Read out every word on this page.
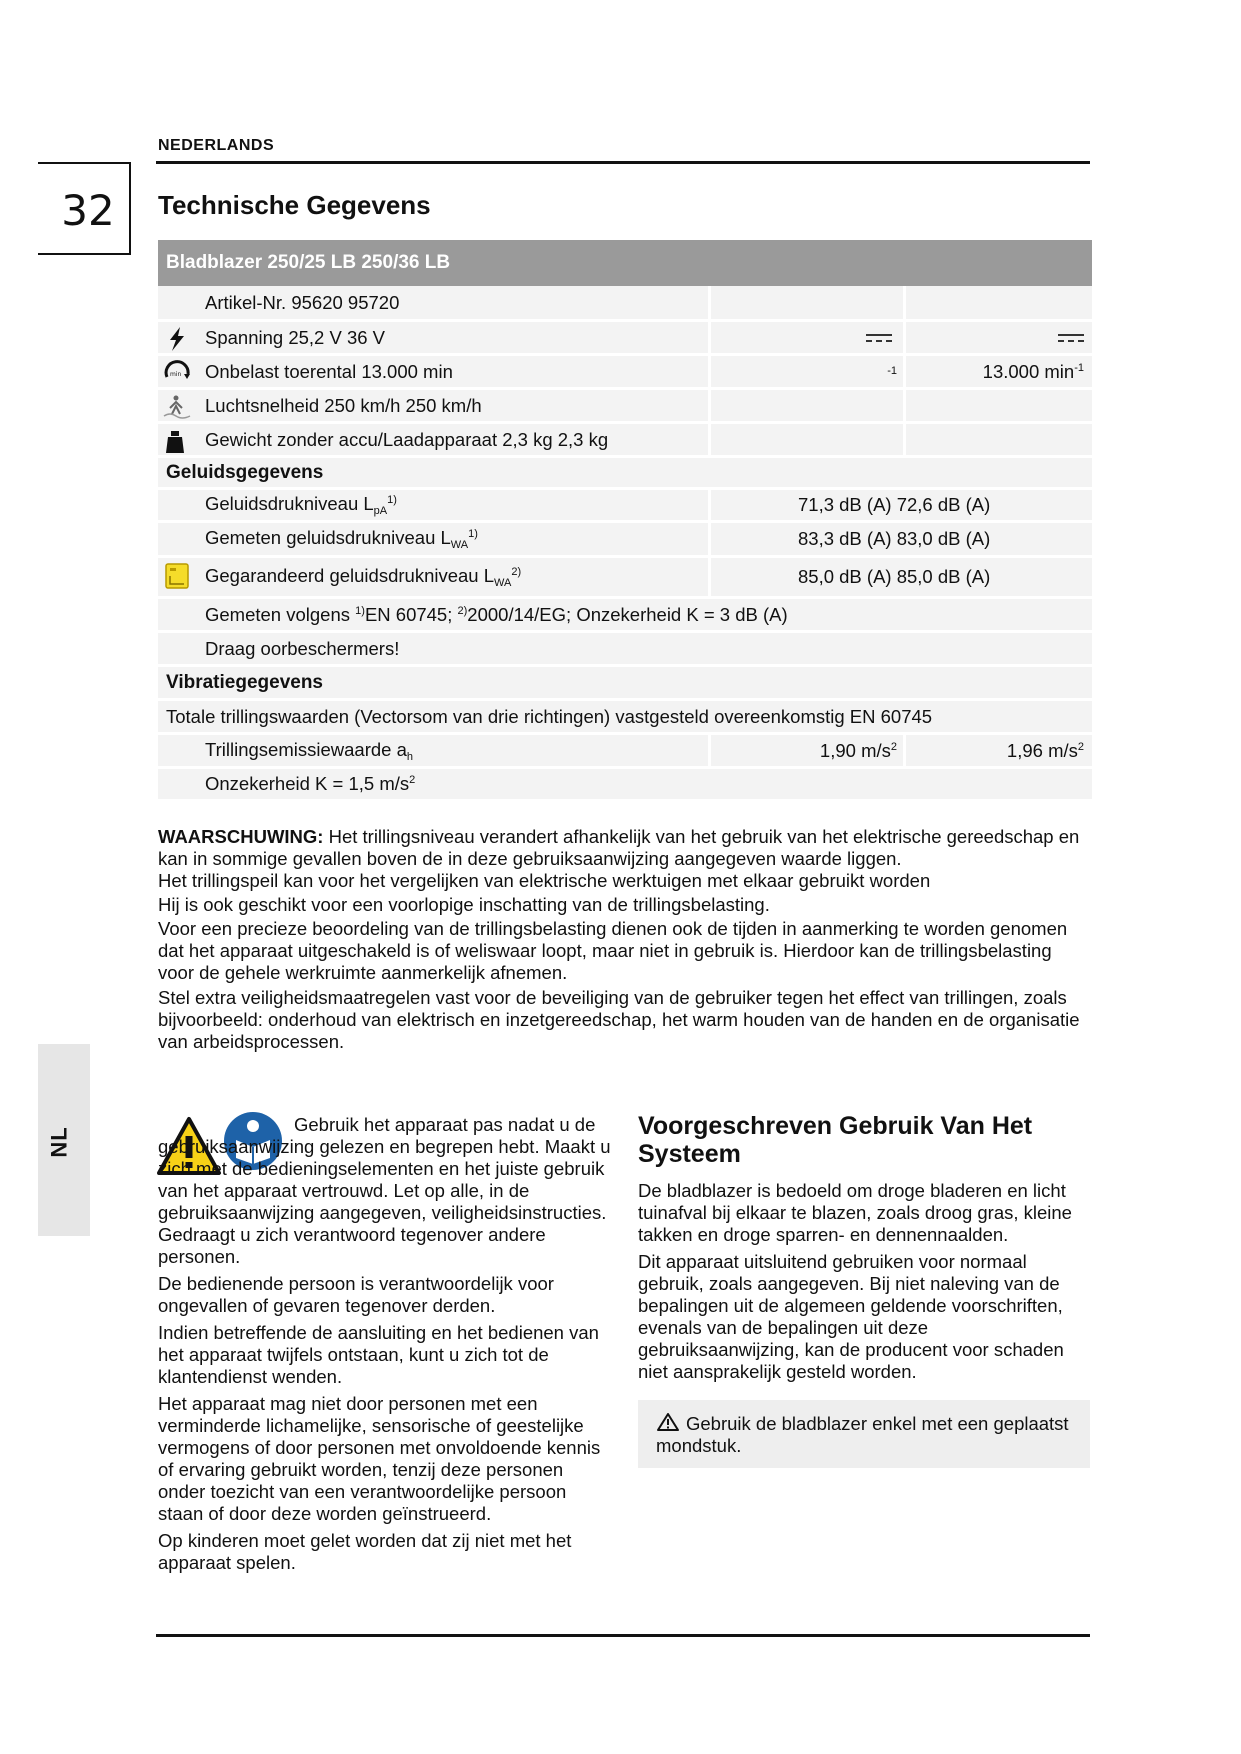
NEDERLANDS
32
NL
Technische Gegevens
Bladblazer 250/25 LB 250/36 LB
Artikel-Nr. 95620 95720
Spanning 25,2 V 36 V
min Onbelast toerental 13.000 min	-1	13.000 $\min^{-1}$
Luchtsnelheid 250 km/h 250 km/h
Gewicht zonder accu/Laadapparaat 2,3 kg 2,3 kg
Geluidsgegevens
Geluidsdrukniveau $L_{pA}^{1)}$	71,3 dB (A) 72,6 dB (A)
Gemeten geluidsdrukniveau $L_{WA}^{1)}$	83,3 dB (A) 83,0 dB (A)
Gegarandeerd geluidsdrukniveau $L_{WA}^{2)}$	85,0 dB (A) 85,0 dB (A)
Gemeten volgens $^{1)}$EN 60745; $^{2)}$2000/14/EG; Onzekerheid K = 3 dB (A)
Draag oorbeschermers!
Vibratiegegevens
Totale trillingswaarden (Vectorsom van drie richtingen) vastgesteld overeenkomstig EN 60745
Trillingsemissiewaarde $a_h$	1,90 $m/s^2$	1,96 $m/s^2$
Onzekerheid K = 1,5 $m/s^2$
WAARSCHUWING: Het trillingsniveau verandert afhankelijk van het gebruik van het elektrische gereedschap en kan in sommige gevallen boven de in deze gebruiksaanwijzing aangegeven waarde liggen.
Het trillingspeil kan voor het vergelijken van elektrische werktuigen met elkaar gebruikt worden
Hij is ook geschikt voor een voorlopige inschatting van de trillingsbelasting.
Voor een precieze beoordeling van de trillingsbelasting dienen ook de tijden in aanmerking te worden genomen dat het apparaat uitgeschakeld is of weliswaar loopt, maar niet in gebruik is. Hierdoor kan de trillingsbelasting voor de gehele werkruimte aanmerkelijk afnemen.
Stel extra veiligheidsmaatregelen vast voor de beveiliging van de gebruiker tegen het effect van trillingen, zoals bijvoorbeeld: onderhoud van elektrisch en inzetgereedschap, het warm houden van de handen en de organisatie van arbeidsprocessen.
Gebruik het apparaat pas nadat u de gebruiksaanwijzing gelezen en begrepen hebt. Maakt u zich met de bedieningselementen en het juiste gebruik van het apparaat vertrouwd. Let op alle, in de gebruiksaanwijzing aangegeven, veiligheidsinstructies. Gedraagt u zich verantwoord tegenover andere personen.
De bedienende persoon is verantwoordelijk voor ongevallen of gevaren tegenover derden.
Indien betreffende de aansluiting en het bedienen van het apparaat twijfels ontstaan, kunt u zich tot de klantendienst wenden.
Het apparaat mag niet door personen met een verminderde lichamelijke, sensorische of geestelijke vermogens of door personen met onvoldoende kennis of ervaring gebruikt worden, tenzij deze personen onder toezicht van een verantwoordelijke persoon staan of door deze worden geïnstrueerd.
Op kinderen moet gelet worden dat zij niet met het apparaat spelen.
Voorgeschreven Gebruik Van Het Systeem
De bladblazer is bedoeld om droge bladeren en licht tuinafval bij elkaar te blazen, zoals droog gras, kleine takken en droge sparren- en dennennaalden.
Dit apparaat uitsluitend gebruiken voor normaal gebruik, zoals aangegeven. Bij niet naleving van de bepalingen uit de algemeen geldende voorschriften, evenals van de bepalingen uit deze gebruiksaanwijzing, kan de producent voor schaden niet aansprakelijk gesteld worden.
Gebruik de bladblazer enkel met een geplaatst mondstuk.
